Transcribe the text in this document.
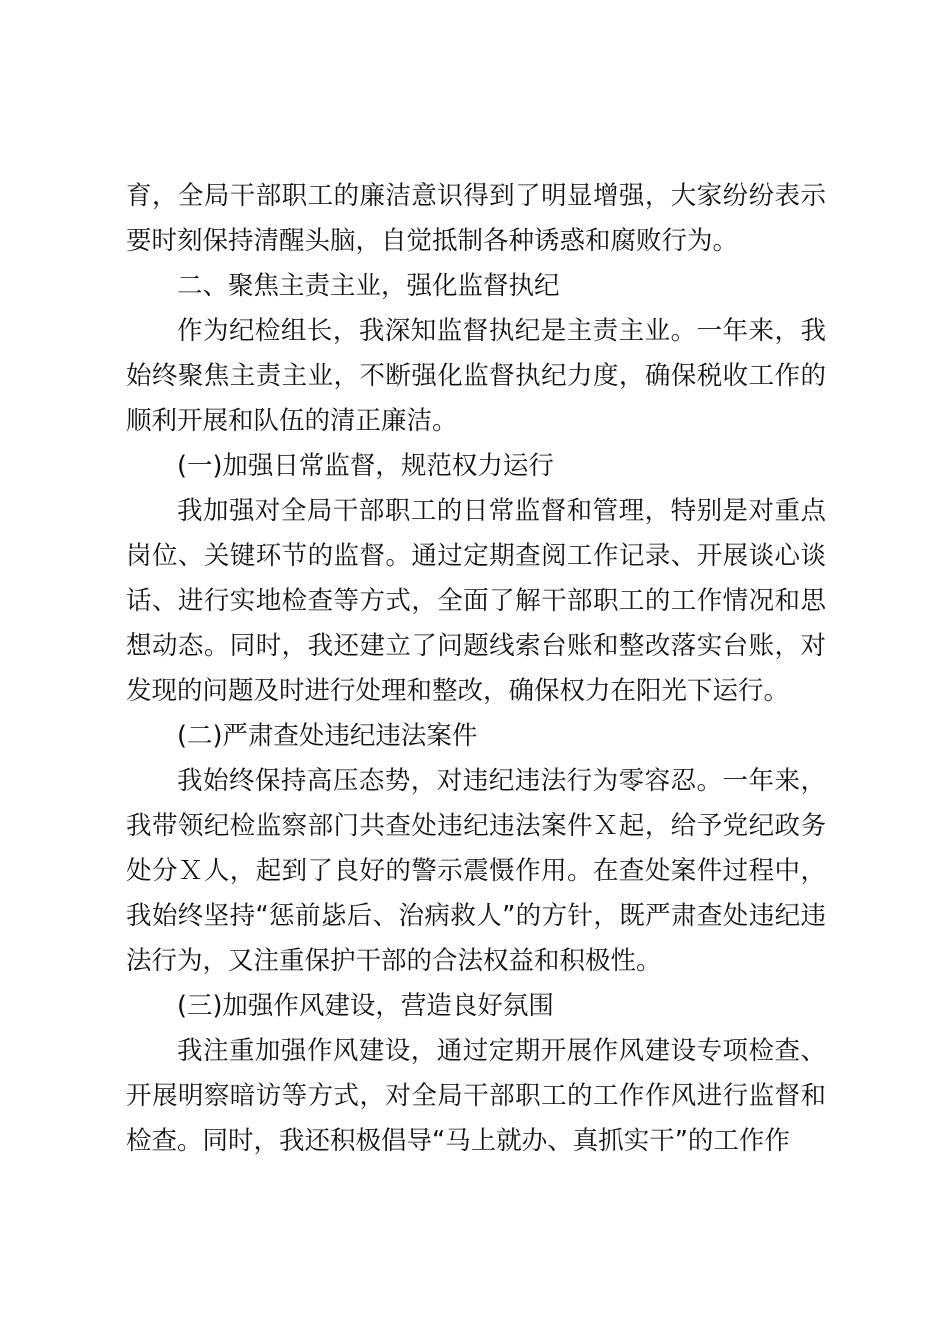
育，全局干部职工的廉洁意识得到了明显增强，大家纷纷表示
要时刻保持清醒头脑，自觉抵制各种诱惑和腐败行为。
二、聚焦主责主业，强化监督执纪
作为纪检组长，我深知监督执纪是主责主业。一年来，我
始终聚焦主责主业，不断强化监督执纪力度，确保税收工作的
顺利开展和队伍的清正廉洁。
(一)加强日常监督，规范权力运行
我加强对全局干部职工的日常监督和管理，特别是对重点
岗位、关键环节的监督。通过定期查阅工作记录、开展谈心谈
话、进行实地检查等方式，全面了解干部职工的工作情况和思
想动态。同时，我还建立了问题线索台账和整改落实台账，对
发现的问题及时进行处理和整改，确保权力在阳光下运行。
(二)严肃查处违纪违法案件
我始终保持高压态势，对违纪违法行为零容忍。一年来，
我带领纪检监察部门共查处违纪违法案件Ｘ起，给予党纪政务
处分Ｘ人，起到了良好的警示震慑作用。在查处案件过程中，
我始终坚持“惩前毖后、治病救人”的方针，既严肃查处违纪违
法行为，又注重保护干部的合法权益和积极性。
(三)加强作风建设，营造良好氛围
我注重加强作风建设，通过定期开展作风建设专项检查、
开展明察暗访等方式，对全局干部职工的工作作风进行监督和
检查。同时，我还积极倡导“马上就办、真抓实干”的工作作
